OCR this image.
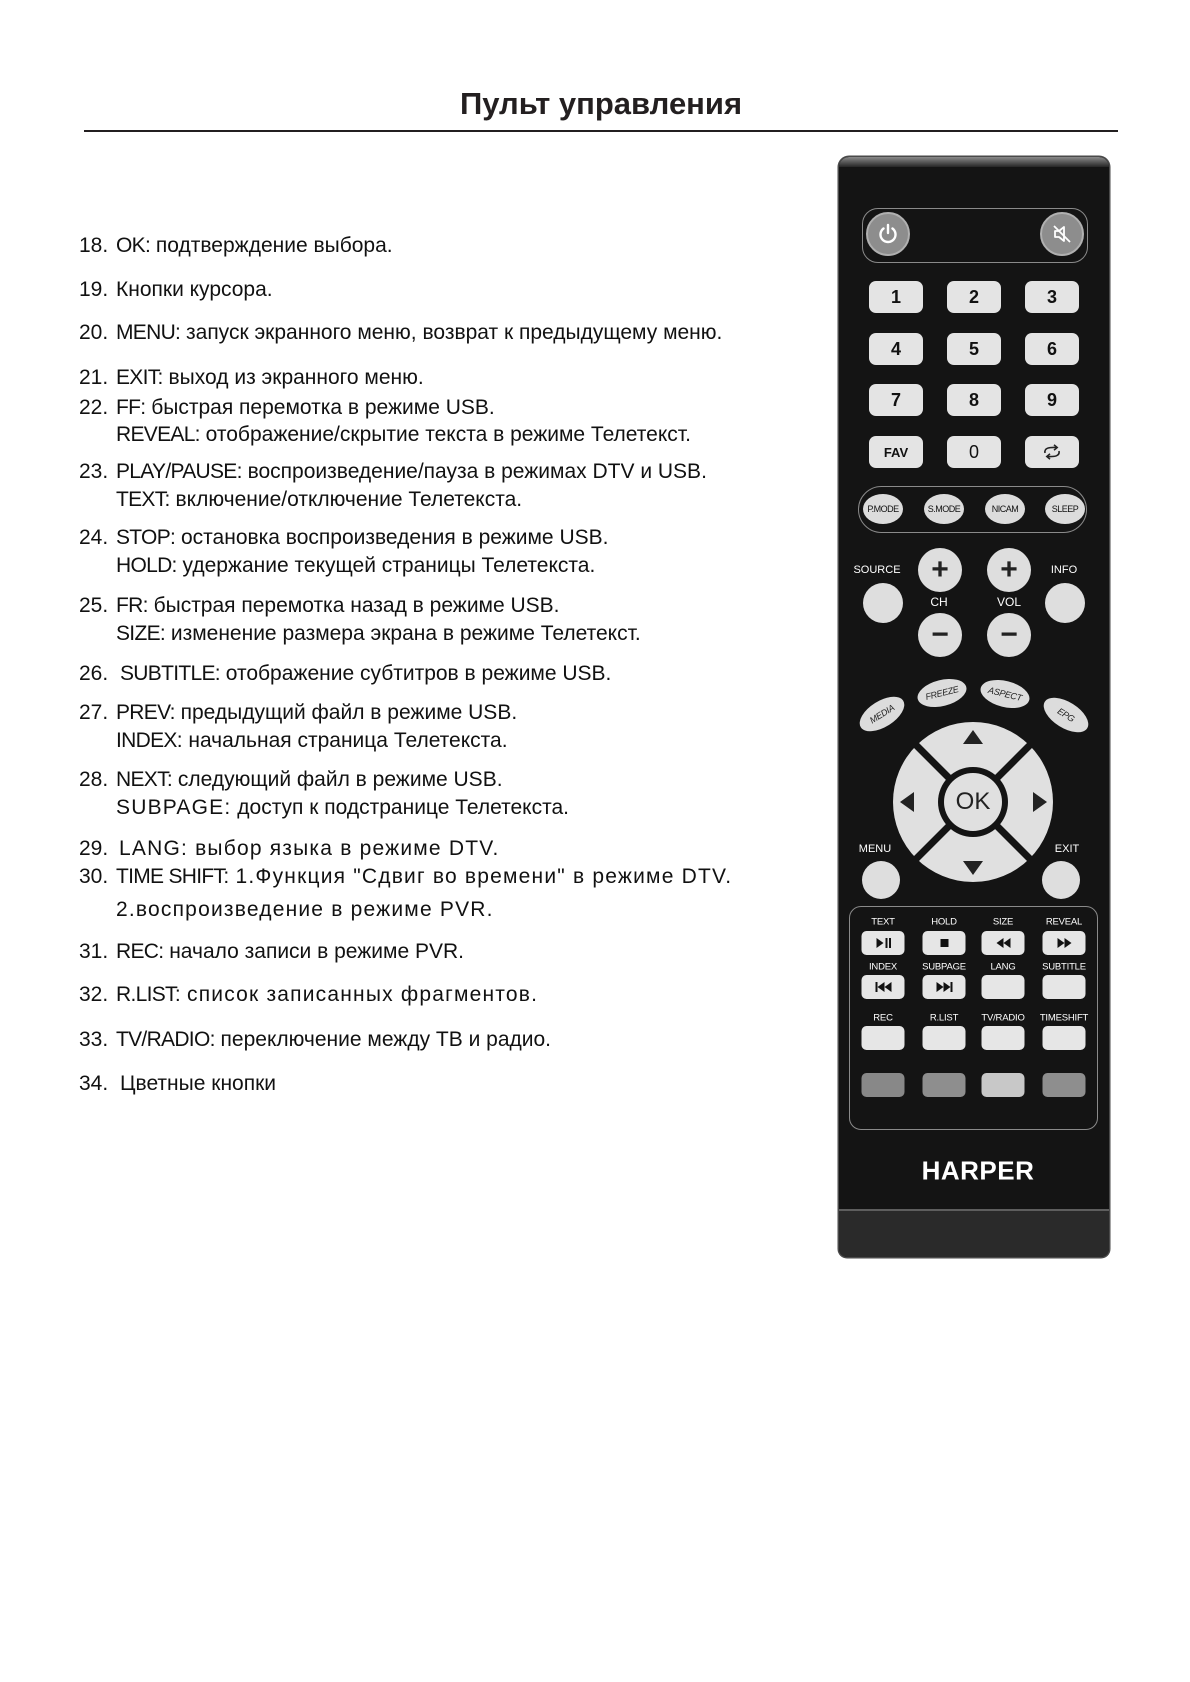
Пульт управления
18. OK: подтверждение выбора.
19. Кнопки курсора.
20. MENU: запуск экранного меню, возврат к предыдущему меню.
21. EXIT: выход из экранного меню.
22. FF: быстрая перемотка в режиме USB.
REVEAL: отображение/скрытие текста в режиме Телетекст.
23. PLAY/PAUSE: воспроизведение/пауза в режимах DTV и USB.
TEXT: включение/отключение Телетекста.
24. STOP: остановка воспроизведения в режиме USB.
HOLD: удержание текущей страницы Телетекста.
25. FR: быстрая перемотка назад в режиме USB.
SIZE: изменение размера экрана в режиме Телетекст.
26. SUBTITLE: отображение субтитров в режиме USB.
27. PREV: предыдущий файл в режиме USB.
INDEX: начальная страница Телетекста.
28. NEXT: следующий файл в режиме USB.
SUBPAGE: доступ к подстранице Телетекста.
29. LANG: выбор языка в режиме DTV.
30. TIME SHIFT: 1.Функция "Сдвиг во времени" в режиме DTV.
2.воспроизведение в режиме PVR.
31. REC: начало записи в режиме PVR.
32. R.LIST: список записанных фрагментов.
33. TV/RADIO: переключение между ТВ и радио.
34. Цветные кнопки
1	2	3
4	5	6
7	8	9
FAV	0
P.MODE	S.MODE	NICAM	SLEEP
SOURCE	INFO
+
CH
−
+
VOL
−
MEDIA
FREEZE	ASPECT
EPG
OK
MENU	EXIT
TEXT	HOLD	SIZE	REVEAL
INDEX	SUBPAGE	LANG	SUBTITLE
REC	R.LIST TV/RADIO TIMESHIFT
HARPER
